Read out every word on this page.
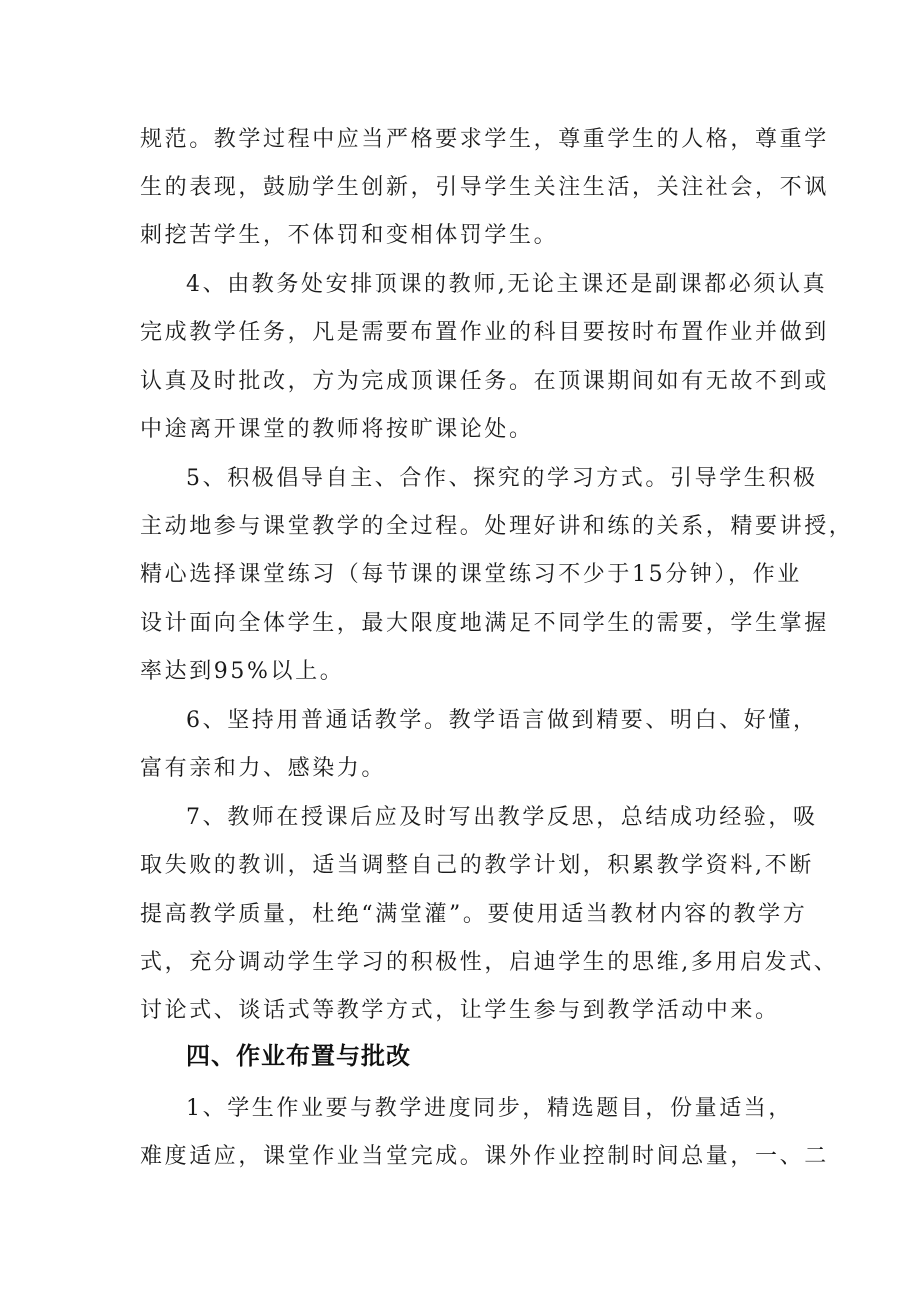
规范。教学过程中应当严格要求学生，尊重学生的人格，尊重学
生的表现，鼓励学生创新，引导学生关注生活，关注社会，不讽
刺挖苦学生，不体罚和变相体罚学生。
4、由教务处安排顶课的教师,无论主课还是副课都必须认真
完成教学任务，凡是需要布置作业的科目要按时布置作业并做到
认真及时批改，方为完成顶课任务。在顶课期间如有无故不到或
中途离开课堂的教师将按旷课论处。
5、积极倡导自主、合作、探究的学习方式。引导学生积极
主动地参与课堂教学的全过程。处理好讲和练的关系，精要讲授，
精心选择课堂练习（每节课的课堂练习不少于15分钟），作业
设计面向全体学生，最大限度地满足不同学生的需要，学生掌握
率达到95%以上。
6、坚持用普通话教学。教学语言做到精要、明白、好懂，
富有亲和力、感染力。
7、教师在授课后应及时写出教学反思，总结成功经验，吸
取失败的教训，适当调整自己的教学计划，积累教学资料,不断
提高教学质量，杜绝“满堂灌”。要使用适当教材内容的教学方
式，充分调动学生学习的积极性，启迪学生的思维,多用启发式、
讨论式、谈话式等教学方式，让学生参与到教学活动中来。
四、作业布置与批改
1、学生作业要与教学进度同步，精选题目，份量适当，
难度适应，课堂作业当堂完成。课外作业控制时间总量，一、二
